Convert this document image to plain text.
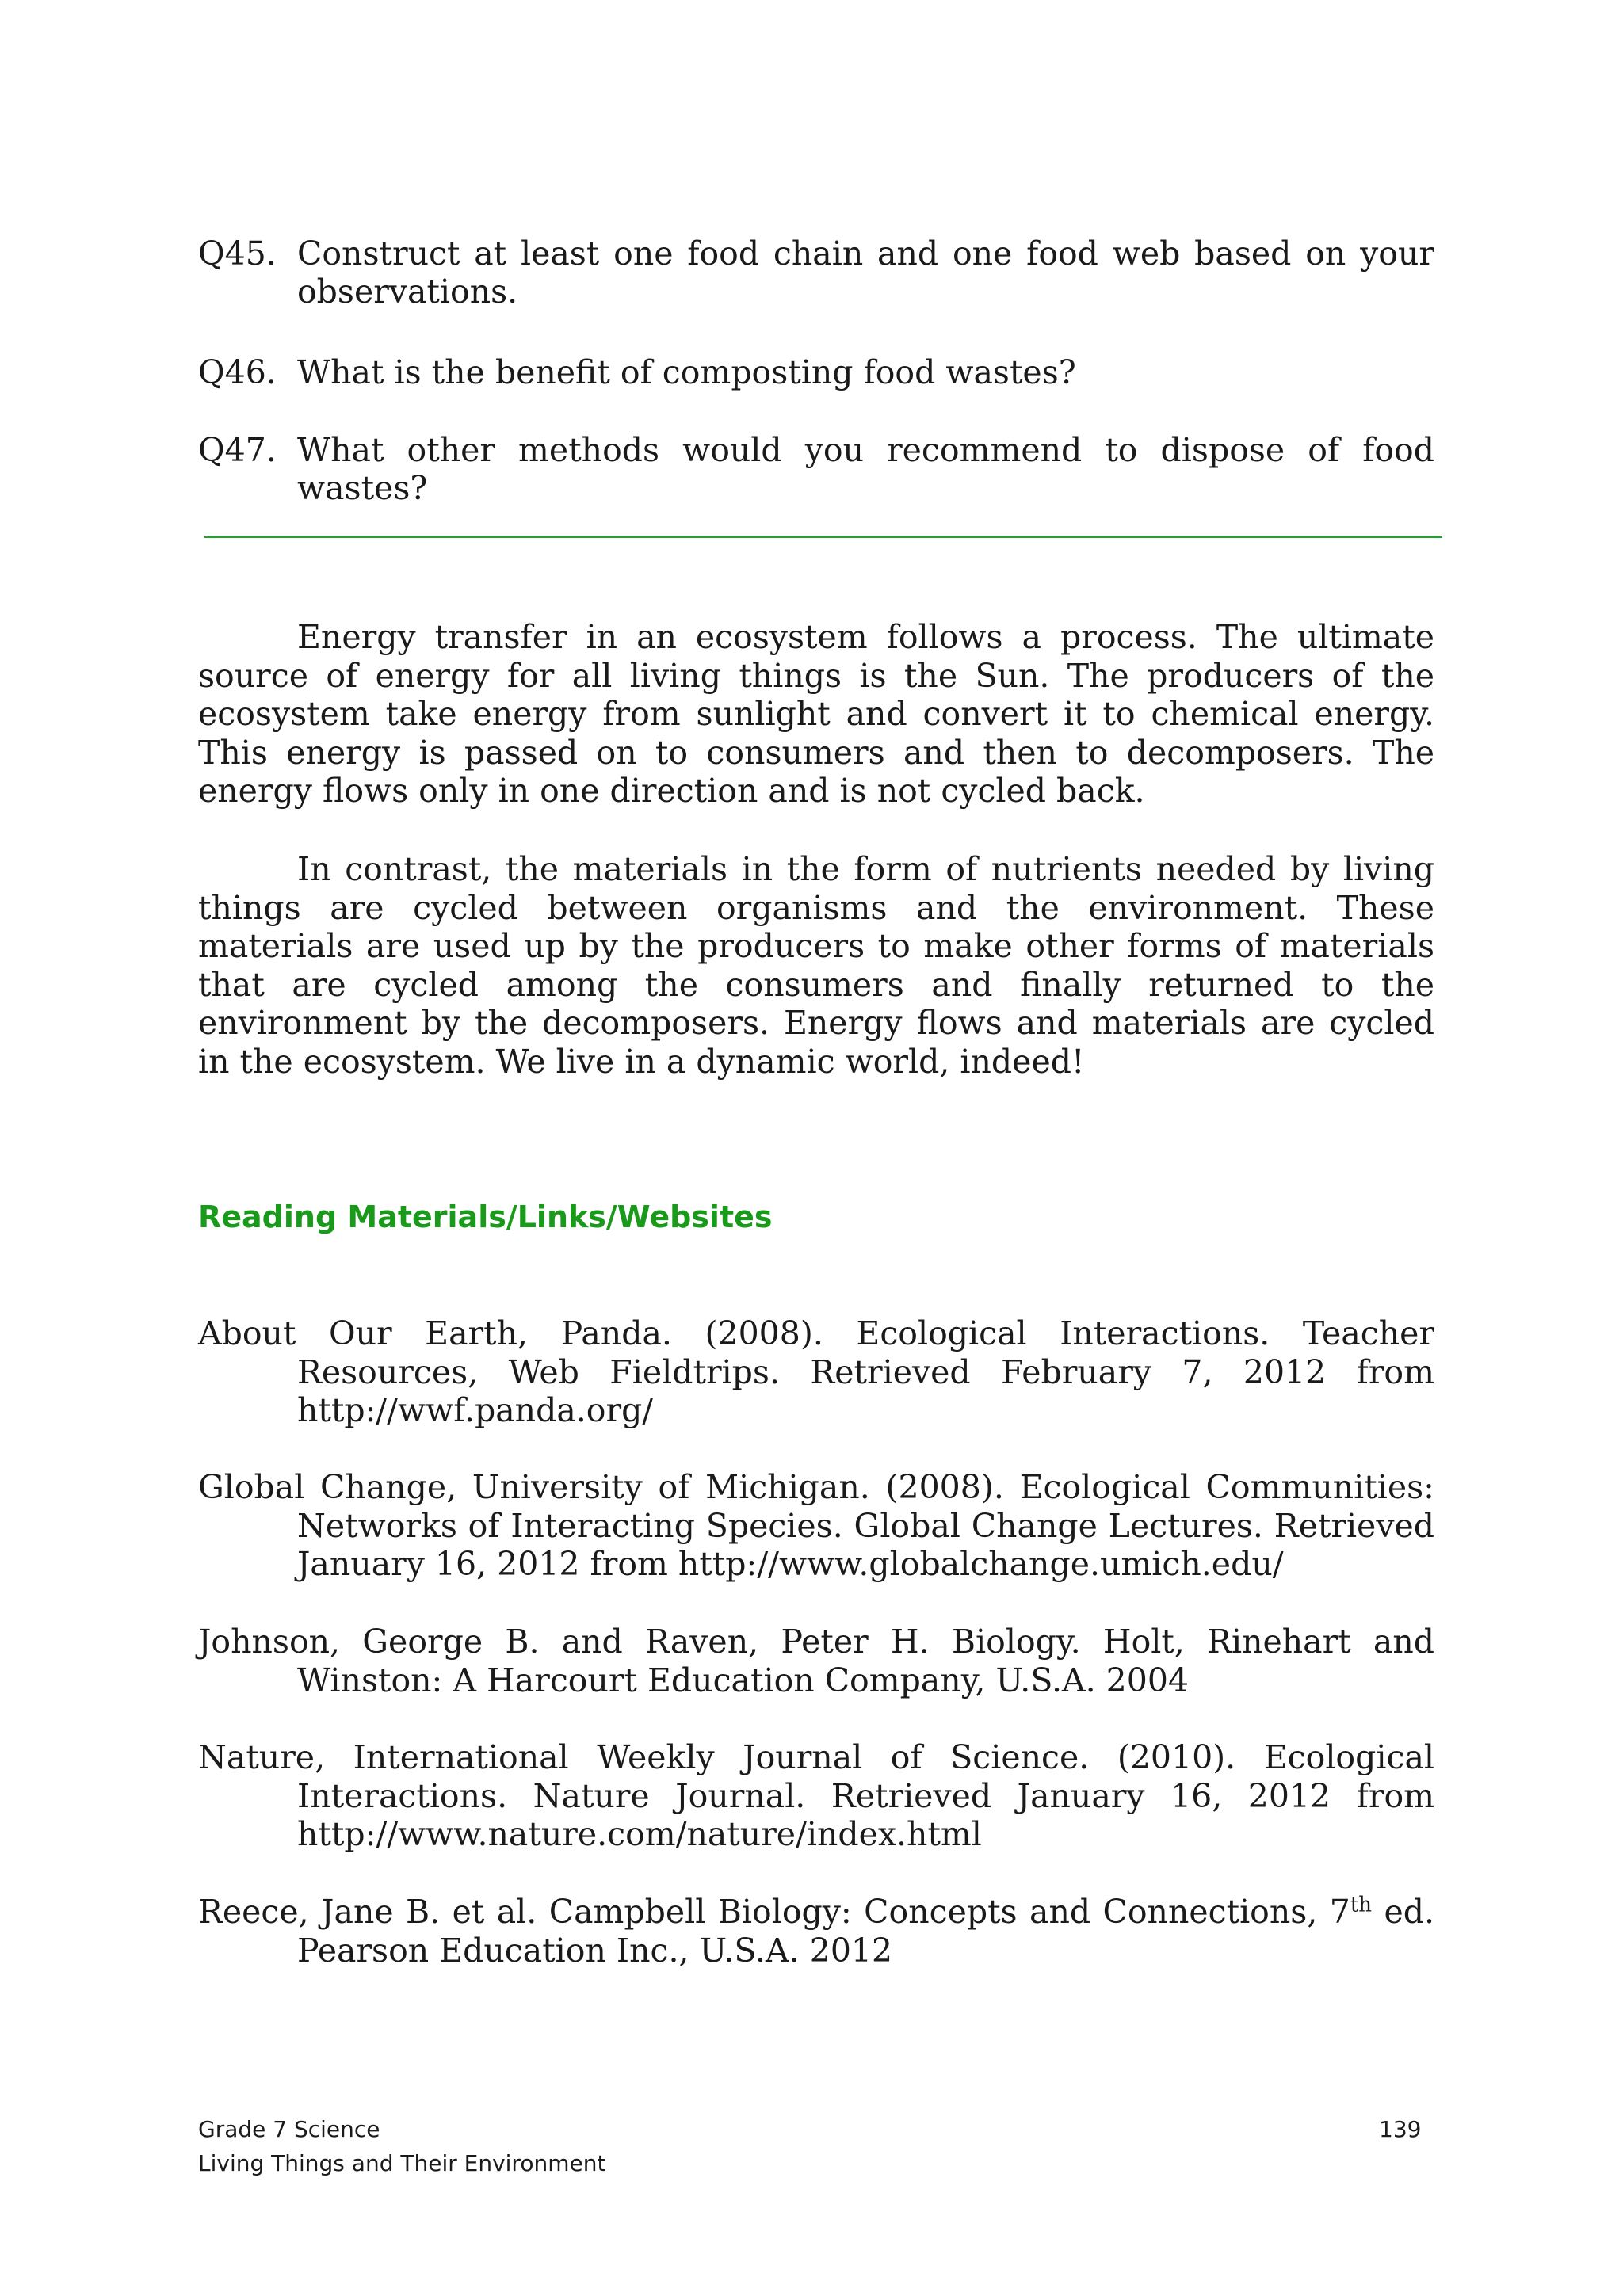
Q45. Construct at least one food chain and one food web based on your observations.
Q46. What is the benefit of composting food wastes?
Q47. What other methods would you recommend to dispose of food wastes?

Energy transfer in an ecosystem follows a process. The ultimate source of energy for all living things is the Sun. The producers of the ecosystem take energy from sunlight and convert it to chemical energy. This energy is passed on to consumers and then to decomposers. The energy flows only in one direction and is not cycled back.

In contrast, the materials in the form of nutrients needed by living things are cycled between organisms and the environment. These materials are used up by the producers to make other forms of materials that are cycled among the consumers and finally returned to the environment by the decomposers. Energy flows and materials are cycled in the ecosystem. We live in a dynamic world, indeed!

Reading Materials/Links/Websites

About Our Earth, Panda. (2008). Ecological Interactions. Teacher Resources, Web Fieldtrips. Retrieved February 7, 2012 from http://wwf.panda.org/

Global Change, University of Michigan. (2008). Ecological Communities: Networks of Interacting Species. Global Change Lectures. Retrieved January 16, 2012 from http://www.globalchange.umich.edu/

Johnson, George B. and Raven, Peter H. Biology. Holt, Rinehart and Winston: A Harcourt Education Company, U.S.A. 2004

Nature, International Weekly Journal of Science. (2010). Ecological Interactions. Nature Journal. Retrieved January 16, 2012 from http://www.nature.com/nature/index.html

Reece, Jane B. et al. Campbell Biology: Concepts and Connections, 7th ed. Pearson Education Inc., U.S.A. 2012

Grade 7 Science
Living Things and Their Environment
139
